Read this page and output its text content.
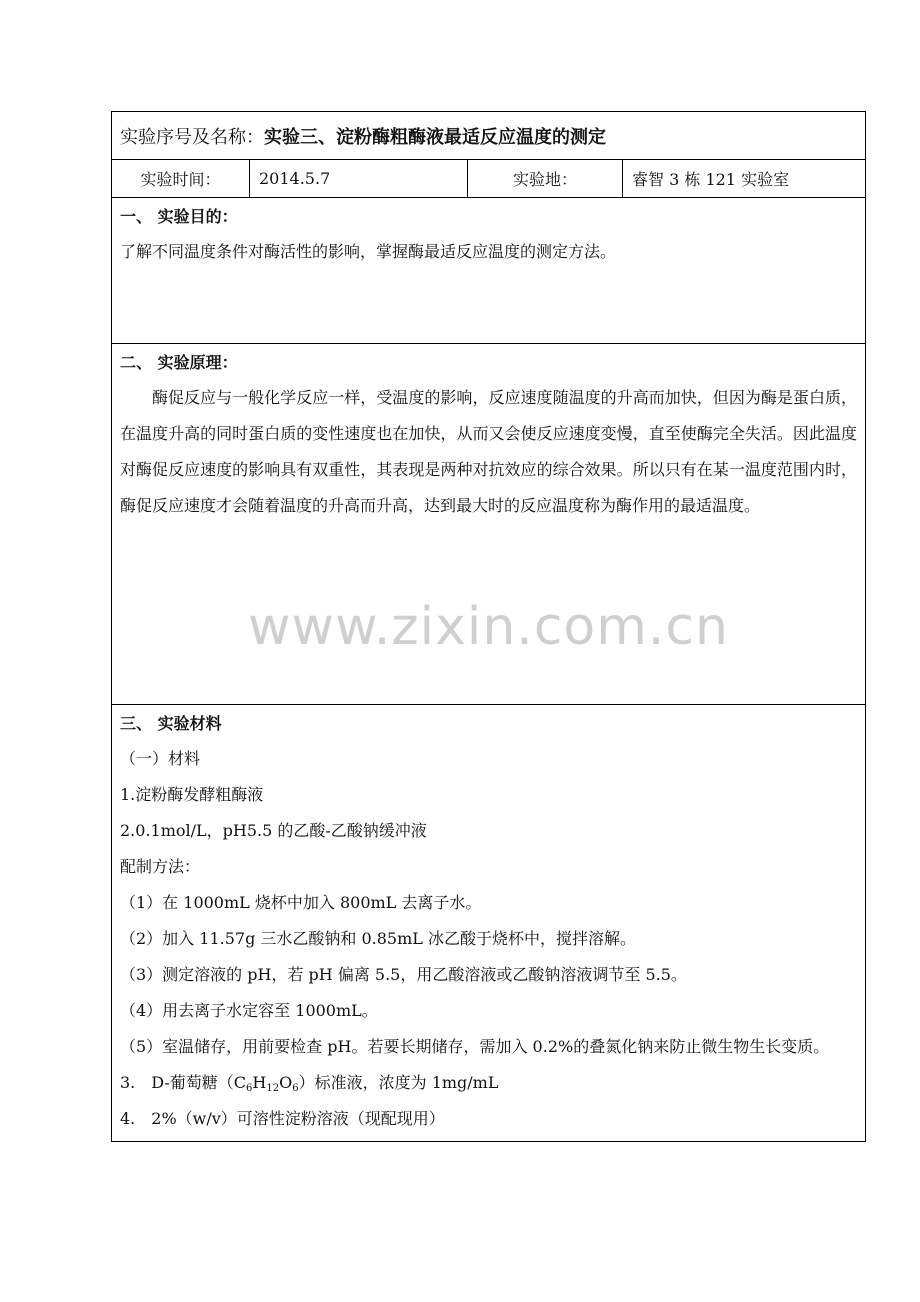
实验序号及名称： 实验三、淀粉酶粗酶液最适反应温度的测定
实验时间：	2014.5.7	实验地：	睿智 3 栋 121 实验室
一、 实验目的：
了解不同温度条件对酶活性的影响，掌握酶最适反应温度的测定方法。
二、 实验原理：
酶促反应与一般化学反应一样，受温度的影响，反应速度随温度的升高而加快，但因为酶是蛋白质，在温度升高的同时蛋白质的变性速度也在加快，从而又会使反应速度变慢，直至使酶完全失活。因此温度对酶促反应速度的影响具有双重性，其表现是两种对抗效应的综合效果。所以只有在某一温度范围内时，酶促反应速度才会随着温度的升高而升高，达到最大时的反应温度称为酶作用的最适温度。
www.zixin.com.cn
三、 实验材料
（一）材料
1.淀粉酶发酵粗酶液
2.0.1mol/L，pH5.5 的乙酸-乙酸钠缓冲液
配制方法：
（1）在 1000mL 烧杯中加入 800mL 去离子水。
（2）加入 11.57g 三水乙酸钠和 0.85mL 冰乙酸于烧杯中，搅拌溶解。
（3）测定溶液的 pH，若 pH 偏离 5.5，用乙酸溶液或乙酸钠溶液调节至 5.5。
（4）用去离子水定容至 1000mL。
（5）室温储存，用前要检查 pH。若要长期储存，需加入 0.2%的叠氮化钠来防止微生物生长变质。
3.　D-葡萄糖$(C_6H_{12}O_6)$标准液，浓度为 1mg/mL
4.　2%（w/v）可溶性淀粉溶液（现配现用）
